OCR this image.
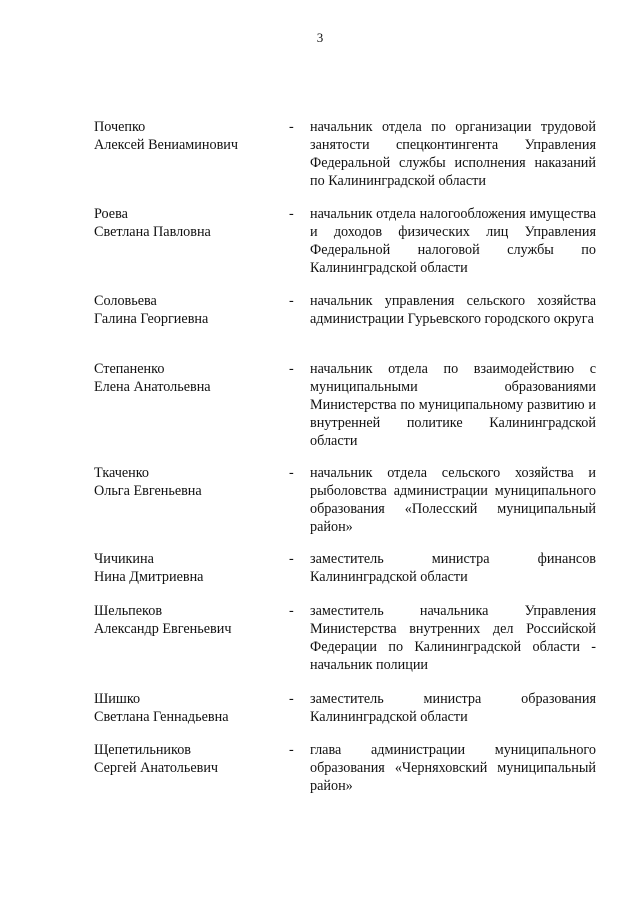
3
Почепко
Алексей Вениаминович
- начальник отдела по организации трудовой занятости спецконтингента Управления Федеральной службы исполнения наказаний по Калининградской области
Роева
Светлана Павловна
- начальник отдела налогообложения имущества и доходов физических лиц Управления Федеральной налоговой службы по Калининградской области
Соловьева
Галина Георгиевна
- начальник управления сельского хозяйства администрации Гурьевского городского округа
Степаненко
Елена Анатольевна
- начальник отдела по взаимодействию с муниципальными образованиями Министерства по муниципальному развитию и внутренней политике Калининградской области
Ткаченко
Ольга Евгеньевна
- начальник отдела сельского хозяйства и рыболовства администрации муниципального образования «Полесский муниципальный район»
Чичикина
Нина Дмитриевна
- заместитель министра финансов Калининградской области
Шельпеков
Александр Евгеньевич
- заместитель начальника Управления Министерства внутренних дел Российской Федерации по Калининградской области - начальник полиции
Шишко
Светлана Геннадьевна
- заместитель министра образования Калининградской области
Щепетильников
Сергей Анатольевич
- глава администрации муниципального образования «Черняховский муниципальный район»
